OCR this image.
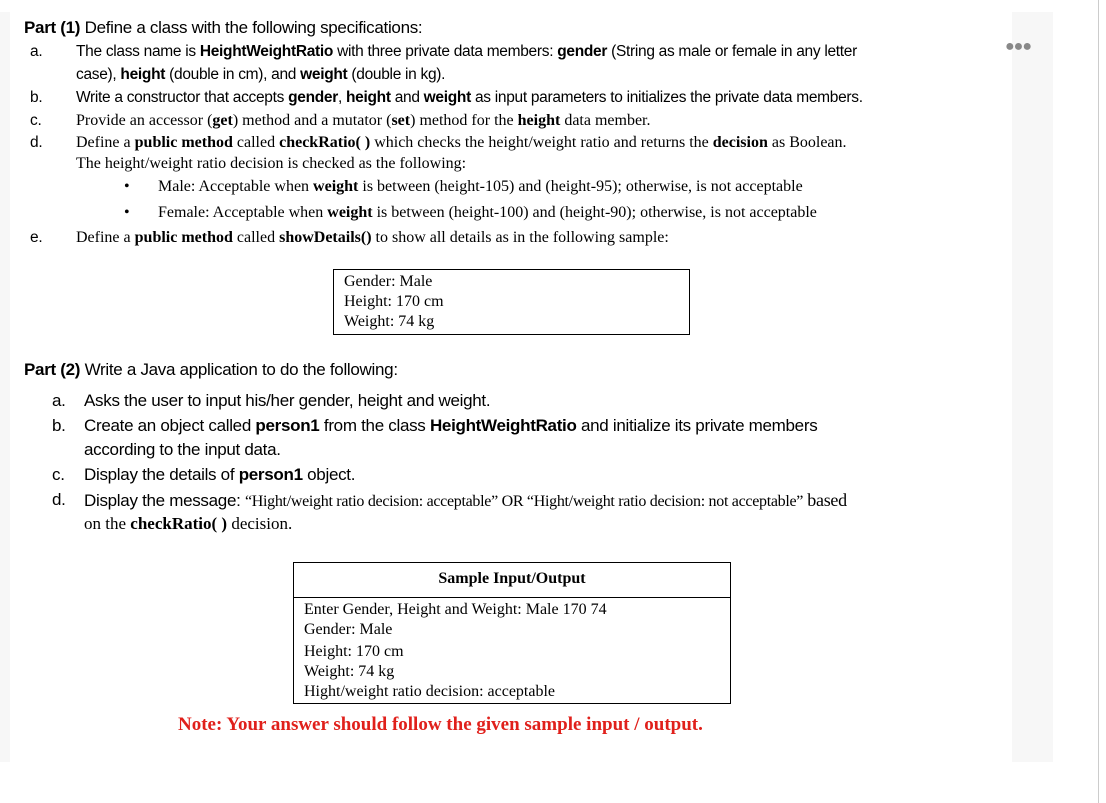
●●●
Part (1) Define a class with the following specifications:
a.	The class name is HeightWeightRatio with three private data members: gender (String as male or female in any letter
case), height (double in cm), and weight (double in kg).
b.	Write a constructor that accepts gender, height and weight as input parameters to initializes the private data members.
c.	Provide an accessor (get) method and a mutator (set) method for the height data member.
d.	Define a public method called checkRatio( ) which checks the height/weight ratio and returns the decision as Boolean.
The height/weight ratio decision is checked as the following:
• Male: Acceptable when weight is between (height-105) and (height-95); otherwise, is not acceptable
• Female: Acceptable when weight is between (height-100) and (height-90); otherwise, is not acceptable
e.	Define a public method called showDetails() to show all details as in the following sample:
Gender: Male
Height: 170 cm
Weight: 74 kg
Part (2) Write a Java application to do the following:
a.	Asks the user to input his/her gender, height and weight.
b.	Create an object called person1 from the class HeightWeightRatio and initialize its private members
according to the input data.
c.	Display the details of person1 object.
d.	Display the message: “Hight/weight ratio decision: acceptable” OR “Hight/weight ratio decision: not acceptable” based
on the checkRatio( ) decision.
Sample Input/Output
Enter Gender, Height and Weight: Male 170 74
Gender: Male
Height: 170 cm
Weight: 74 kg
Hight/weight ratio decision: acceptable
Note: Your answer should follow the given sample input / output.
